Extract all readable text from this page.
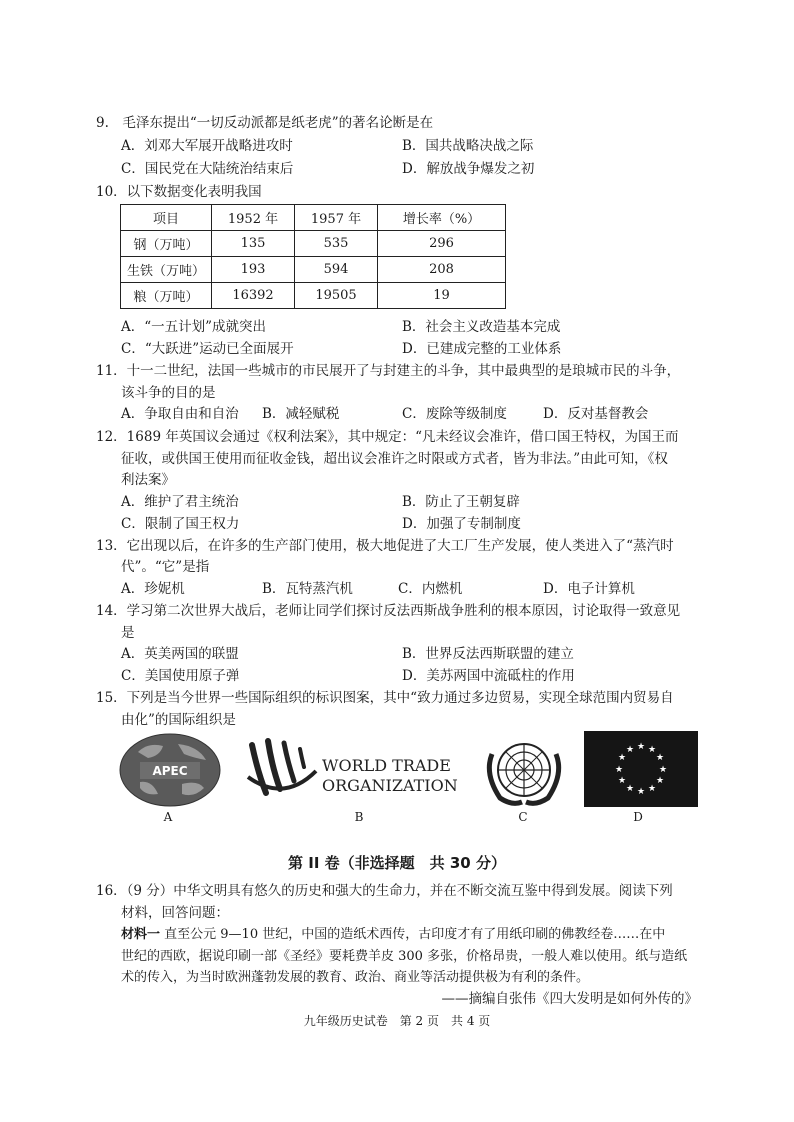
9.　毛泽东提出“一切反动派都是纸老虎”的著名论断是在
A．刘邓大军展开战略进攻时	B．国共战略决战之际
C．国民党在大陆统治结束后	D．解放战争爆发之初
10．以下数据变化表明我国
项目	1952 年	1957 年	增长率（%）
钢（万吨）	135	535	296
生铁（万吨）	193	594	208
粮（万吨）	16392	19505	19
A．“一五计划”成就突出	B．社会主义改造基本完成
C．“大跃进”运动已全面展开	D．已建成完整的工业体系
11．十一二世纪，法国一些城市的市民展开了与封建主的斗争，其中最典型的是琅城市民的斗争，
该斗争的目的是
A．争取自由和自治 B．减轻赋税	C．废除等级制度	D．反对基督教会
12．1689 年英国议会通过《权利法案》，其中规定：“凡未经议会准许，借口国王特权，为国王而
征收，或供国王使用而征收金钱，超出议会准许之时限或方式者，皆为非法。”由此可知，《权
利法案》
A．维护了君主统治	B．防止了王朝复辟
C．限制了国王权力	D．加强了专制制度
13．它出现以后，在许多的生产部门使用，极大地促进了大工厂生产发展，使人类进入了“蒸汽时
代”。“它”是指
A．珍妮机	B．瓦特蒸汽机	C．内燃机	D．电子计算机
14．学习第二次世界大战后，老师让同学们探讨反法西斯战争胜利的根本原因，讨论取得一致意见
是
A．英美两国的联盟	B．世界反法西斯联盟的建立
C．美国使用原子弹	D．美苏两国中流砥柱的作用
15．下列是当今世界一些国际组织的标识图案，其中“致力通过多边贸易，实现全球范围内贸易自
由化”的国际组织是
APEC
A
WORLD TRADE
ORGANIZATION
B	C
★ ★
★
★
★
★
★
★
★
★
★
★
D
第 II 卷（非选择题　共 30 分）
16．（9 分）中华文明具有悠久的历史和强大的生命力，并在不断交流互鉴中得到发展。阅读下列
材料，回答问题：
材料一 直至公元 9—10 世纪，中国的造纸术西传，古印度才有了用纸印刷的佛教经卷……在中
世纪的西欧，据说印刷一部《圣经》要耗费羊皮 300 多张，价格昂贵，一般人难以使用。纸与造纸
术的传入，为当时欧洲蓬勃发展的教育、政治、商业等活动提供极为有利的条件。
——摘编自张伟《四大发明是如何外传的》
九年级历史试卷　第 2 页　共 4 页
